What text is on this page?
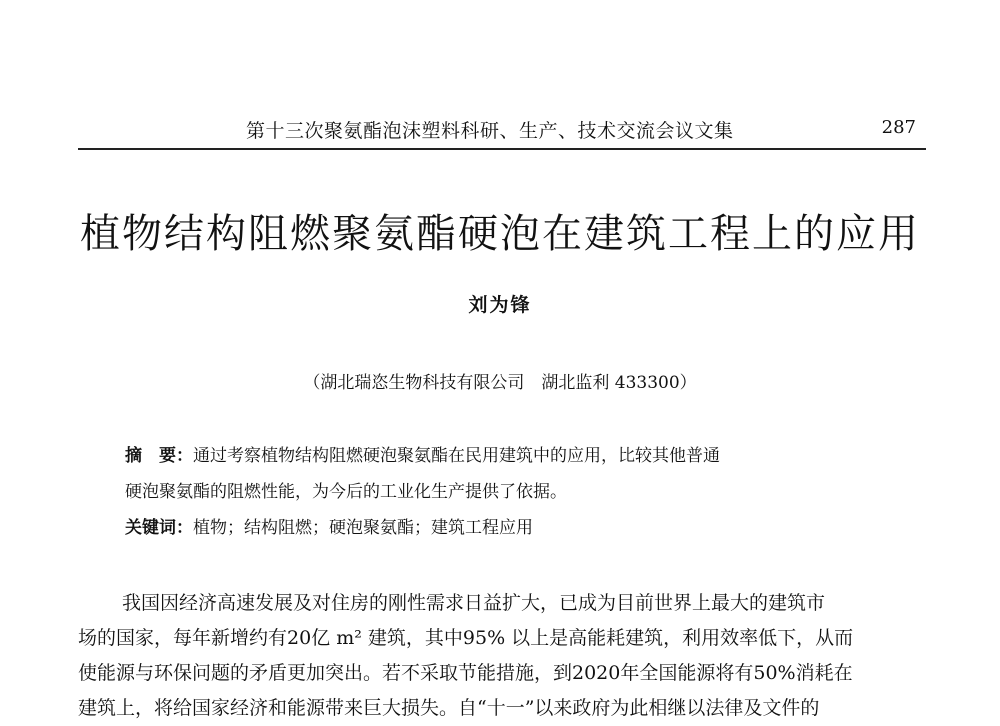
第十三次聚氨酯泡沫塑料科研、生产、技术交流会议文集	287
植物结构阻燃聚氨酯硬泡在建筑工程上的应用
刘为锋
（湖北瑞恣生物科技有限公司　湖北监利 433300）
摘　要：通过考察植物结构阻燃硬泡聚氨酯在民用建筑中的应用，比较其他普通
硬泡聚氨酯的阻燃性能，为今后的工业化生产提供了依据。
关键词：植物；结构阻燃；硬泡聚氨酯；建筑工程应用
我国因经济高速发展及对住房的刚性需求日益扩大，已成为目前世界上最大的建筑市
场的国家，每年新增约有20亿 m² 建筑，其中95% 以上是高能耗建筑，利用效率低下，从而
使能源与环保问题的矛盾更加突出。若不采取节能措施，到2020年全国能源将有50%消耗在
建筑上，将给国家经济和能源带来巨大损失。自“十一”以来政府为此相继以法律及文件的
